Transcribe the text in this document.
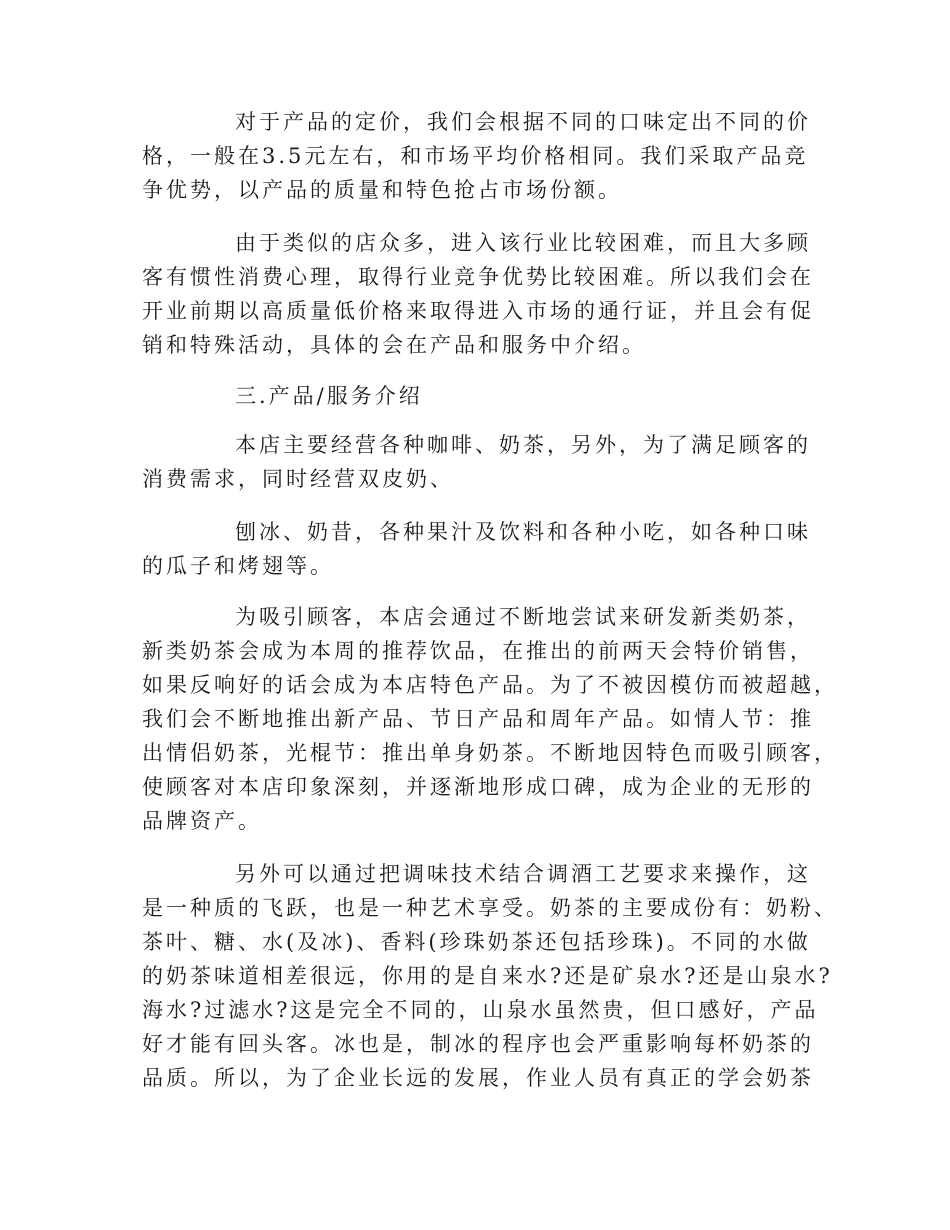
对于产品的定价，我们会根据不同的口味定出不同的价
格，一般在3.5元左右，和市场平均价格相同。我们采取产品竞
争优势，以产品的质量和特色抢占市场份额。
由于类似的店众多，进入该行业比较困难，而且大多顾
客有惯性消费心理，取得行业竞争优势比较困难。所以我们会在
开业前期以高质量低价格来取得进入市场的通行证，并且会有促
销和特殊活动，具体的会在产品和服务中介绍。
三.产品/服务介绍
本店主要经营各种咖啡、奶茶，另外，为了满足顾客的
消费需求，同时经营双皮奶、
刨冰、奶昔，各种果汁及饮料和各种小吃，如各种口味
的瓜子和烤翅等。
为吸引顾客，本店会通过不断地尝试来研发新类奶茶，
新类奶茶会成为本周的推荐饮品，在推出的前两天会特价销售，
如果反响好的话会成为本店特色产品。为了不被因模仿而被超越，
我们会不断地推出新产品、节日产品和周年产品。如情人节：推
出情侣奶茶，光棍节：推出单身奶茶。不断地因特色而吸引顾客，
使顾客对本店印象深刻，并逐渐地形成口碑，成为企业的无形的
品牌资产。
另外可以通过把调味技术结合调酒工艺要求来操作，这
是一种质的飞跃，也是一种艺术享受。奶茶的主要成份有：奶粉、
茶叶、糖、水(及冰)、香料(珍珠奶茶还包括珍珠)。不同的水做
的奶茶味道相差很远，你用的是自来水?还是矿泉水?还是山泉水?
海水?过滤水?这是完全不同的，山泉水虽然贵，但口感好，产品
好才能有回头客。冰也是，制冰的程序也会严重影响每杯奶茶的
品质。所以，为了企业长远的发展，作业人员有真正的学会奶茶
